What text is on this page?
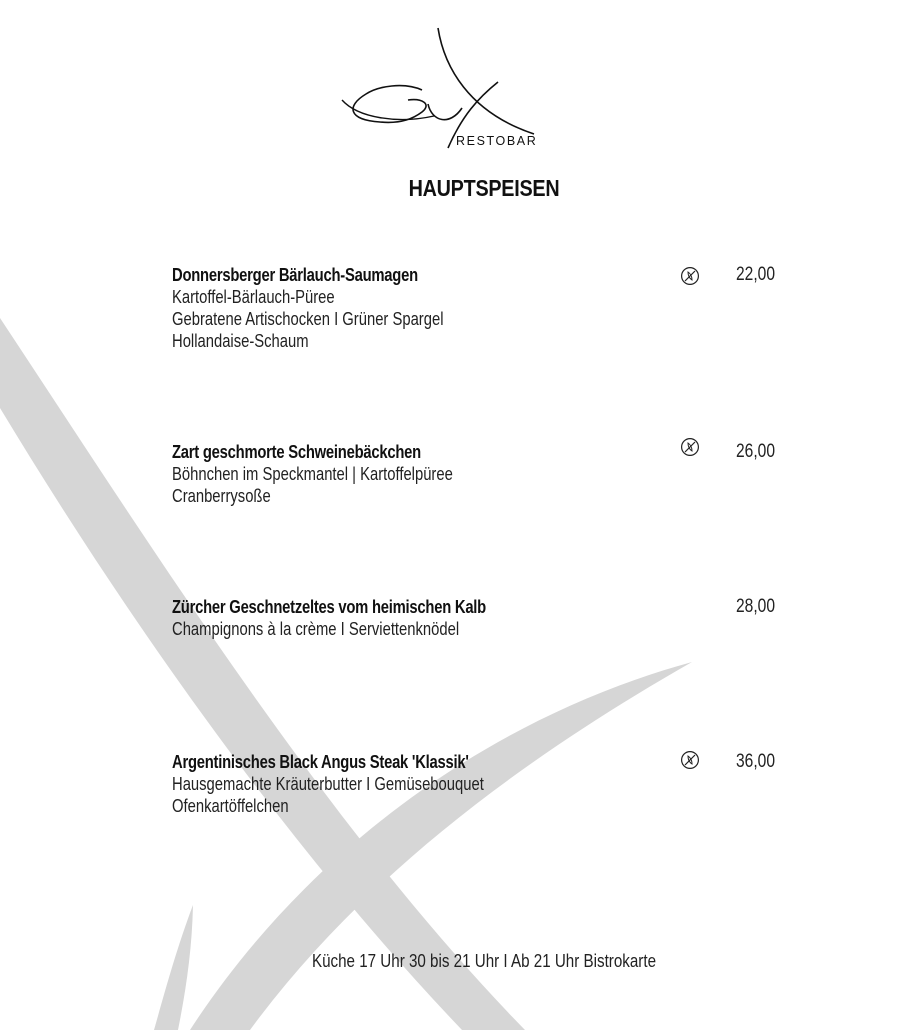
RESTOBAR
HAUPTSPEISEN
Donnersberger Bärlauch-Saumagen
Kartoffel-Bärlauch-Püree
Gebratene Artischocken I Grüner Spargel
Hollandaise-Schaum
22,00
Zart geschmorte Schweinebäckchen
Böhnchen im Speckmantel | Kartoffelpüree
Cranberrysoße
26,00
Zürcher Geschnetzeltes vom heimischen Kalb
Champignons à la crème I Serviettenknödel
28,00
Argentinisches Black Angus Steak 'Klassik'
Hausgemachte Kräuterbutter I Gemüsebouquet
Ofenkartöffelchen
36,00
Küche 17 Uhr 30 bis 21 Uhr I Ab 21 Uhr Bistrokarte
